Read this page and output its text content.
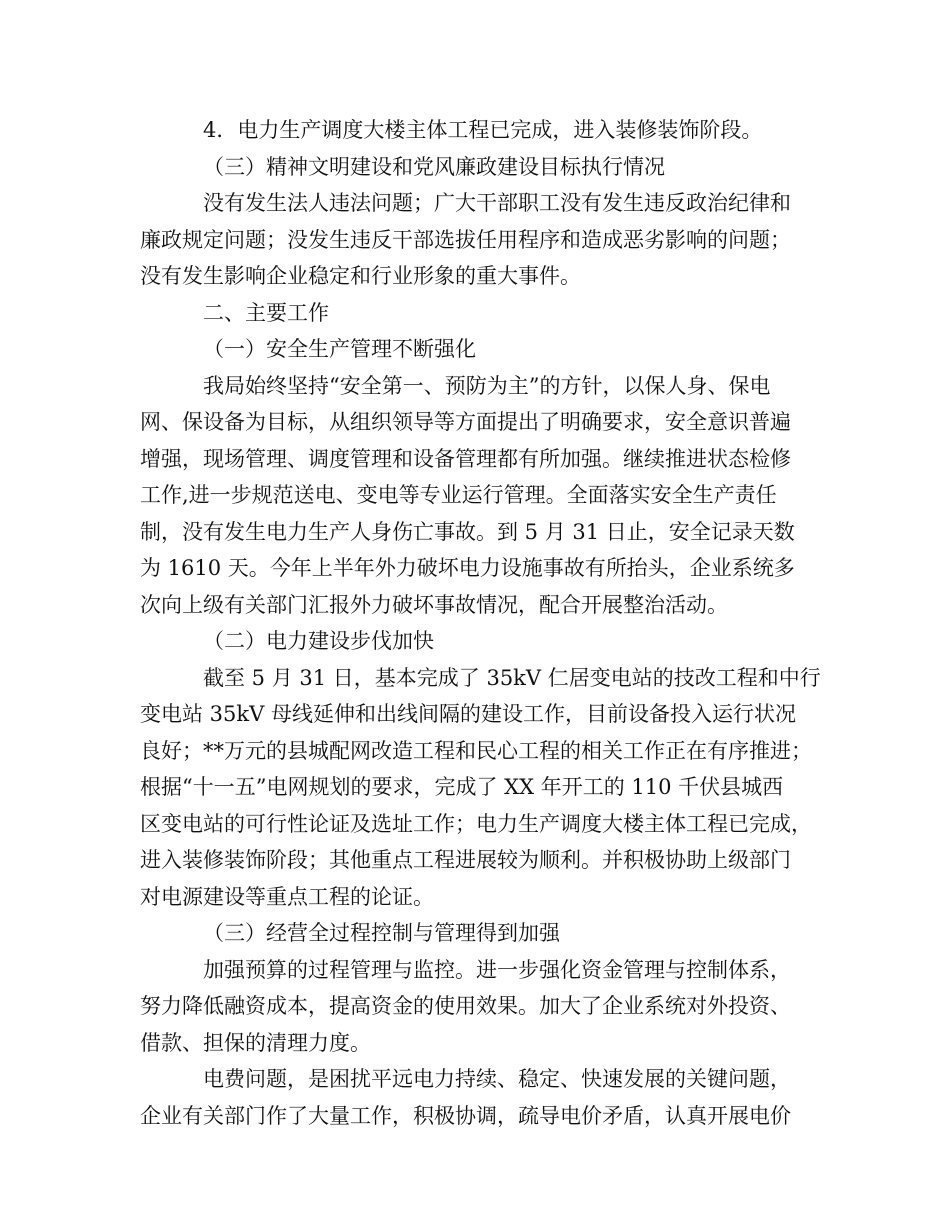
4．电力生产调度大楼主体工程已完成，进入装修装饰阶段。

（三）精神文明建设和党风廉政建设目标执行情况

没有发生法人违法问题；广大干部职工没有发生违反政治纪律和

廉政规定问题；没发生违反干部选拔任用程序和造成恶劣影响的问题；

没有发生影响企业稳定和行业形象的重大事件。

二、主要工作

（一）安全生产管理不断强化

我局始终坚持“安全第一、预防为主”的方针，以保人身、保电

网、保设备为目标，从组织领导等方面提出了明确要求，安全意识普遍

增强，现场管理、调度管理和设备管理都有所加强。继续推进状态检修

工作,进一步规范送电、变电等专业运行管理。全面落实安全生产责任

制，没有发生电力生产人身伤亡事故。到 5 月 31 日止，安全记录天数

为 1610 天。今年上半年外力破坏电力设施事故有所抬头，企业系统多

次向上级有关部门汇报外力破坏事故情况，配合开展整治活动。

（二）电力建设步伐加快

截至 5 月 31 日，基本完成了 35kV 仁居变电站的技改工程和中行

变电站 35kV 母线延伸和出线间隔的建设工作，目前设备投入运行状况

良好；**万元的县城配网改造工程和民心工程的相关工作正在有序推进；

根据“十一五”电网规划的要求，完成了 XX 年开工的 110 千伏县城西

区变电站的可行性论证及选址工作；电力生产调度大楼主体工程已完成，

进入装修装饰阶段；其他重点工程进展较为顺利。并积极协助上级部门

对电源建设等重点工程的论证。

（三）经营全过程控制与管理得到加强

加强预算的过程管理与监控。进一步强化资金管理与控制体系，

努力降低融资成本，提高资金的使用效果。加大了企业系统对外投资、

借款、担保的清理力度。

电费问题，是困扰平远电力持续、稳定、快速发展的关键问题，

企业有关部门作了大量工作，积极协调，疏导电价矛盾，认真开展电价
